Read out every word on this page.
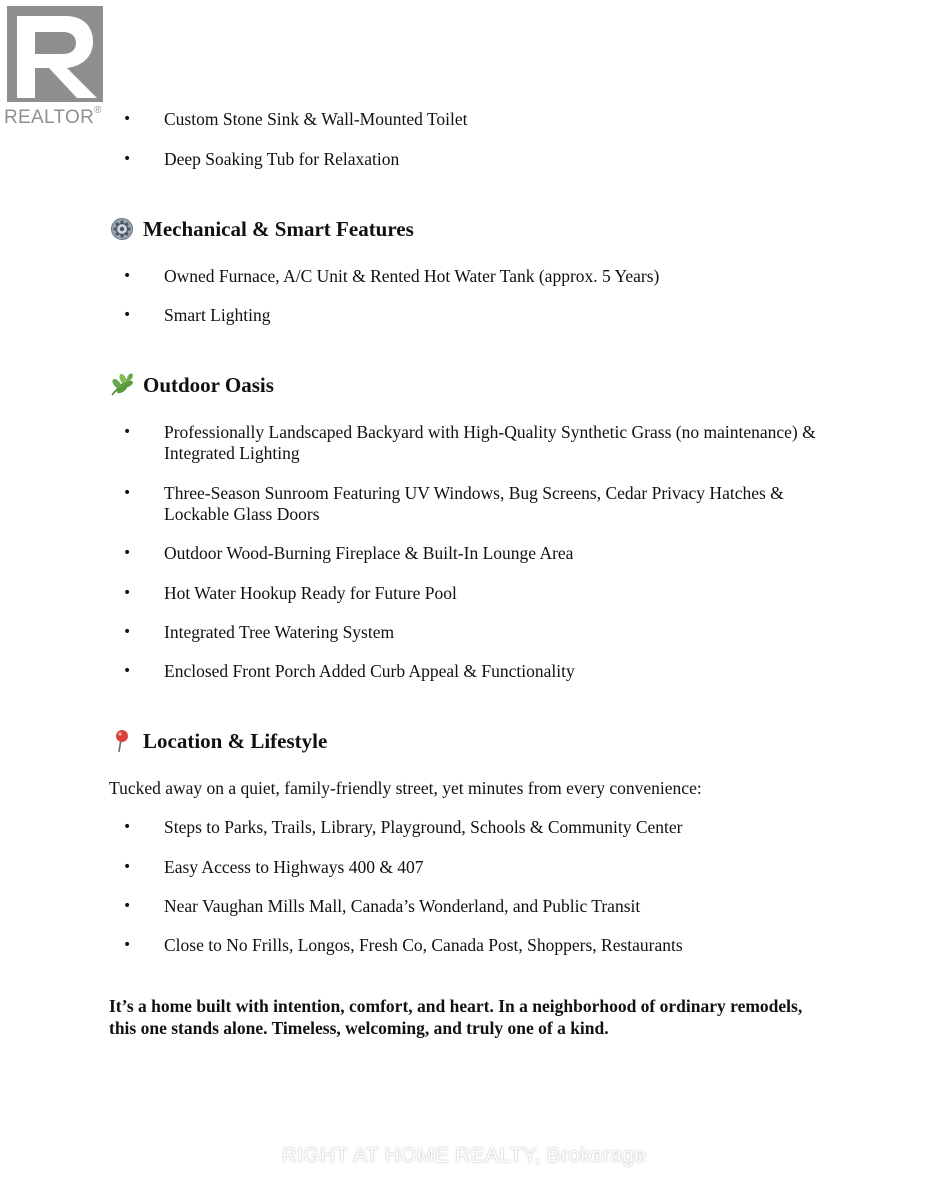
REALTOR®
• Custom Stone Sink & Wall-Mounted Toilet
• Deep Soaking Tub for Relaxation
Mechanical & Smart Features
• Owned Furnace, A/C Unit & Rented Hot Water Tank (approx. 5 Years)
• Smart Lighting
Outdoor Oasis
• Professionally Landscaped Backyard with High-Quality Synthetic Grass (no maintenance) & Integrated Lighting
• Three-Season Sunroom Featuring UV Windows, Bug Screens, Cedar Privacy Hatches & Lockable Glass Doors
• Outdoor Wood-Burning Fireplace & Built-In Lounge Area
• Hot Water Hookup Ready for Future Pool
• Integrated Tree Watering System
• Enclosed Front Porch Added Curb Appeal & Functionality
Location & Lifestyle
Tucked away on a quiet, family-friendly street, yet minutes from every convenience:
• Steps to Parks, Trails, Library, Playground, Schools & Community Center
• Easy Access to Highways 400 & 407
• Near Vaughan Mills Mall, Canada’s Wonderland, and Public Transit
• Close to No Frills, Longos, Fresh Co, Canada Post, Shoppers, Restaurants
It’s a home built with intention, comfort, and heart. In a neighborhood of ordinary remodels, this one stands alone. Timeless, welcoming, and truly one of a kind.
RIGHT AT HOME REALTY, Brokerage
